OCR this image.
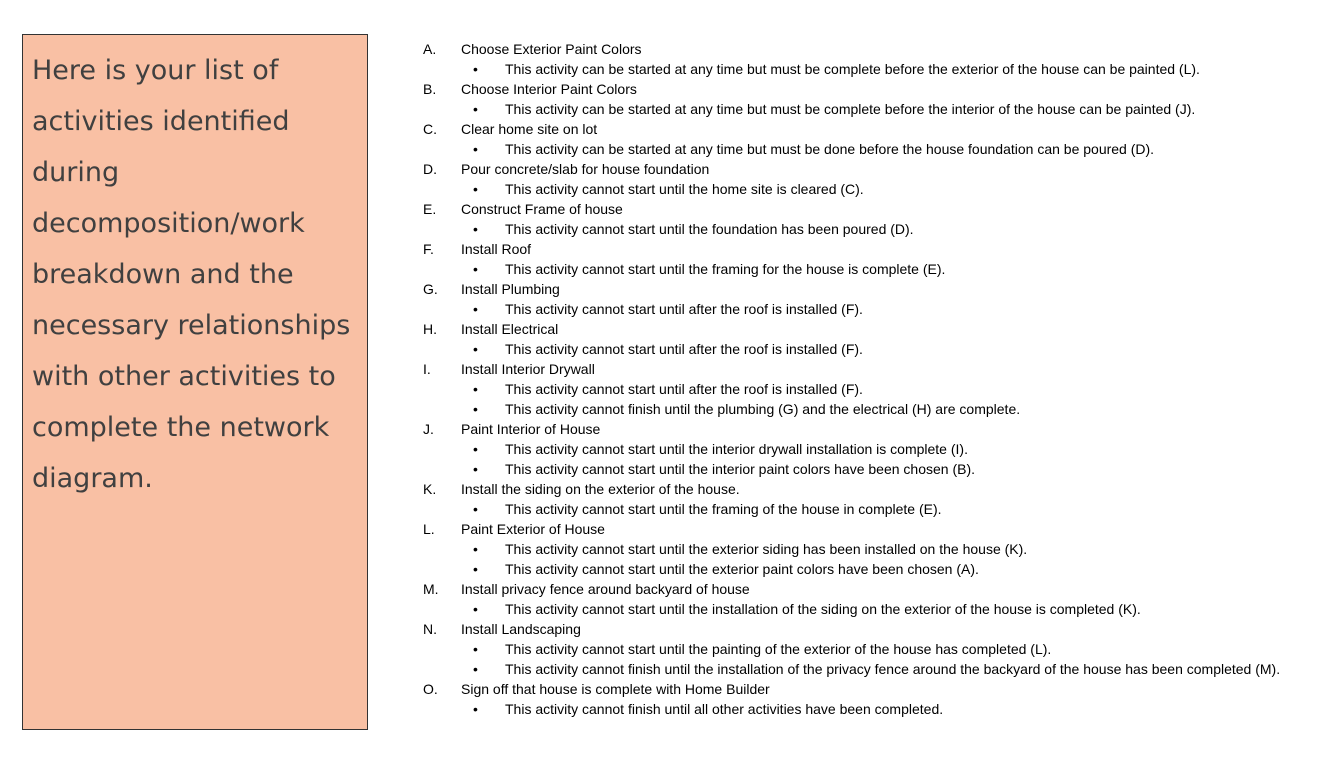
Here is your list of activities identified during decomposition/work breakdown and the necessary relationships with other activities to complete the network diagram.
A.	Choose Exterior Paint Colors
•	This activity can be started at any time but must be complete before the exterior of the house can be painted (L).
B.	Choose Interior Paint Colors
•	This activity can be started at any time but must be complete before the interior of the house can be painted (J).
C.	Clear home site on lot
•	This activity can be started at any time but must be done before the house foundation can be poured (D).
D.	Pour concrete/slab for house foundation
•	This activity cannot start until the home site is cleared (C).
E.	Construct Frame of house
•	This activity cannot start until the foundation has been poured (D).
F.	Install Roof
•	This activity cannot start until the framing for the house is complete (E).
G.	Install Plumbing
•	This activity cannot start until after the roof is installed (F).
H.	Install Electrical
•	This activity cannot start until after the roof is installed (F).
I.	Install Interior Drywall
•	This activity cannot start until after the roof is installed (F).
•	This activity cannot finish until the plumbing (G) and the electrical (H) are complete.
J.	Paint Interior of House
•	This activity cannot start until the interior drywall installation is complete (I).
•	This activity cannot start until the interior paint colors have been chosen (B).
K.	Install the siding on the exterior of the house.
•	This activity cannot start until the framing of the house in complete (E).
L.	Paint Exterior of House
•	This activity cannot start until the exterior siding has been installed on the house (K).
•	This activity cannot start until the exterior paint colors have been chosen (A).
M.	Install privacy fence around backyard of house
•	This activity cannot start until the installation of the siding on the exterior of the house is completed (K).
N.	Install Landscaping
•	This activity cannot start until the painting of the exterior of the house has completed (L).
•	This activity cannot finish until the installation of the privacy fence around the backyard of the house has been completed (M).
O.	Sign off that house is complete with Home Builder
•	This activity cannot finish until all other activities have been completed.
